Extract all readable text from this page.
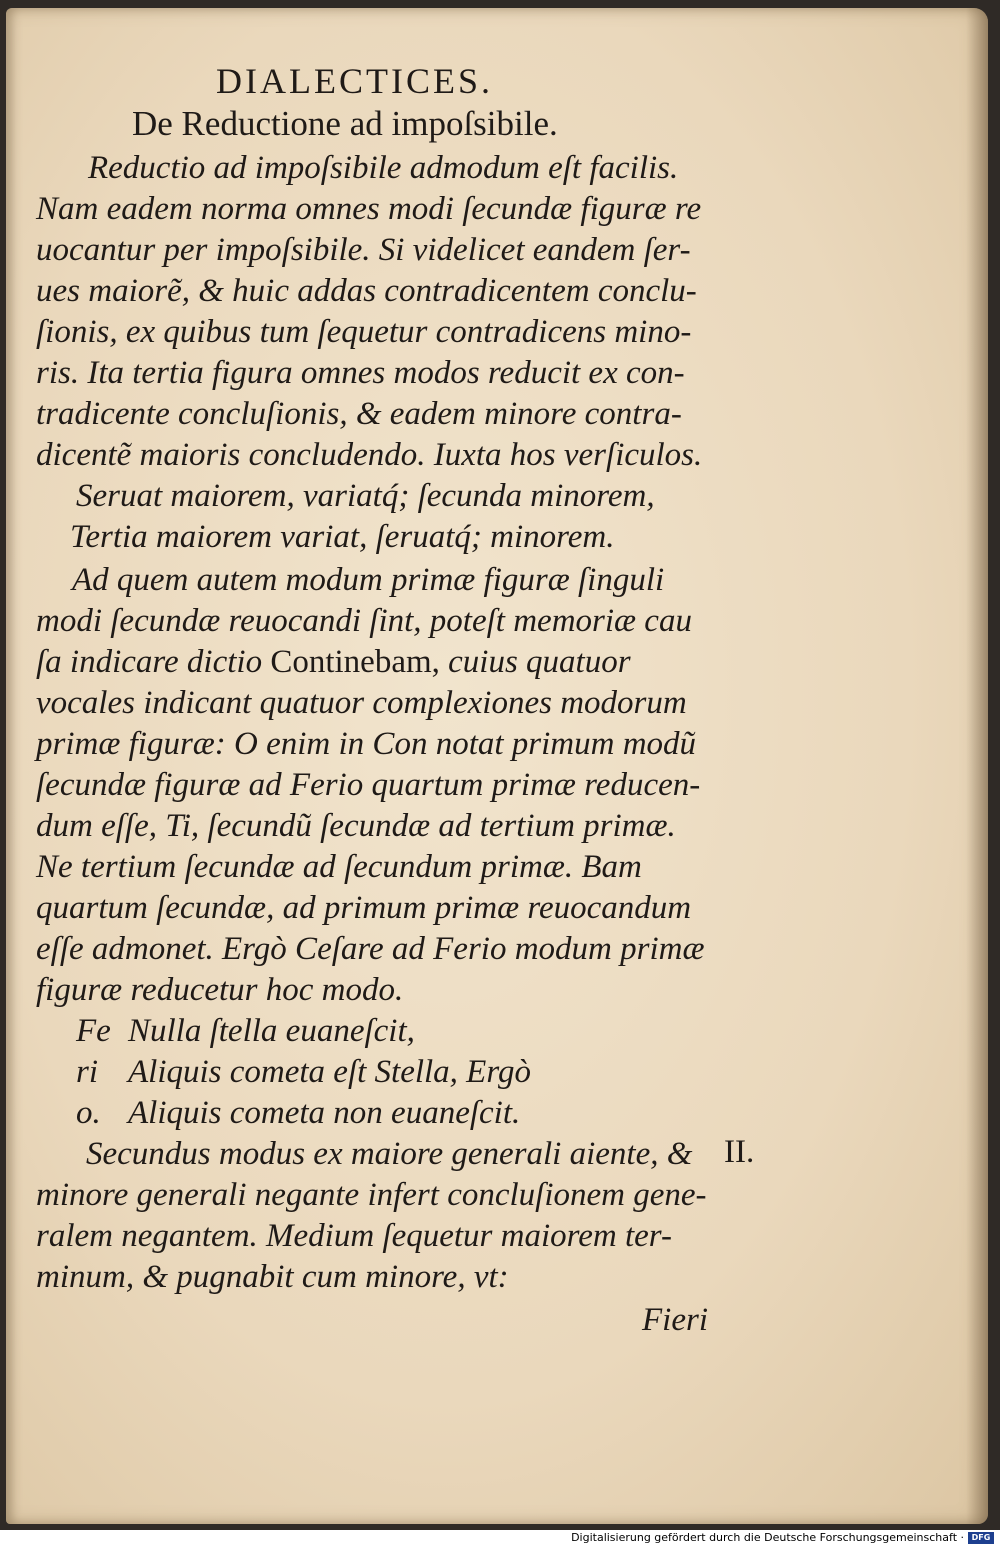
DIALECTICES.
De Reductione ad impoſsibile.
Reductio ad impoſsibile admodum eſt facilis.
Nam eadem norma omnes modi ſecundæ figuræ re
uocantur per impoſsibile. Si videlicet eandem ſer-
ues maiorẽ, & huic addas contradicentem conclu-
ſionis, ex quibus tum ſequetur contradicens mino-
ris. Ita tertia figura omnes modos reducit ex con-
tradicente concluſionis, & eadem minore contra-
dicentẽ maioris concludendo. Iuxta hos verſiculos.
Seruat maiorem, variatq́; ſecunda minorem,
Tertia maiorem variat, ſeruatq́; minorem.
Ad quem autem modum primæ figuræ ſinguli
modi ſecundæ reuocandi ſint, poteſt memoriæ cau
ſa indicare dictio Continebam, cuius quatuor
vocales indicant quatuor complexiones modorum
primæ figuræ: O enim in Con notat primum modũ
ſecundæ figuræ ad Ferio quartum primæ reducen-
dum eſſe, Ti, ſecundũ ſecundæ ad tertium primæ.
Ne tertium ſecundæ ad ſecundum primæ. Bam
quartum ſecundæ, ad primum primæ reuocandum
eſſe admonet. Ergò Ceſare ad Ferio modum primæ
figuræ reducetur hoc modo.
Fe Nulla ſtella euaneſcit,
ri Aliquis cometa eſt Stella, Ergò
o. Aliquis cometa non euaneſcit.
Secundus modus ex maiore generali aiente, & II.
minore generali negante infert concluſionem gene-
ralem negantem. Medium ſequetur maiorem ter-
minum, & pugnabit cum minore, vt:
Fieri
Digitalisierung gefördert durch die Deutsche Forschungsgemeinschaft · DFG
